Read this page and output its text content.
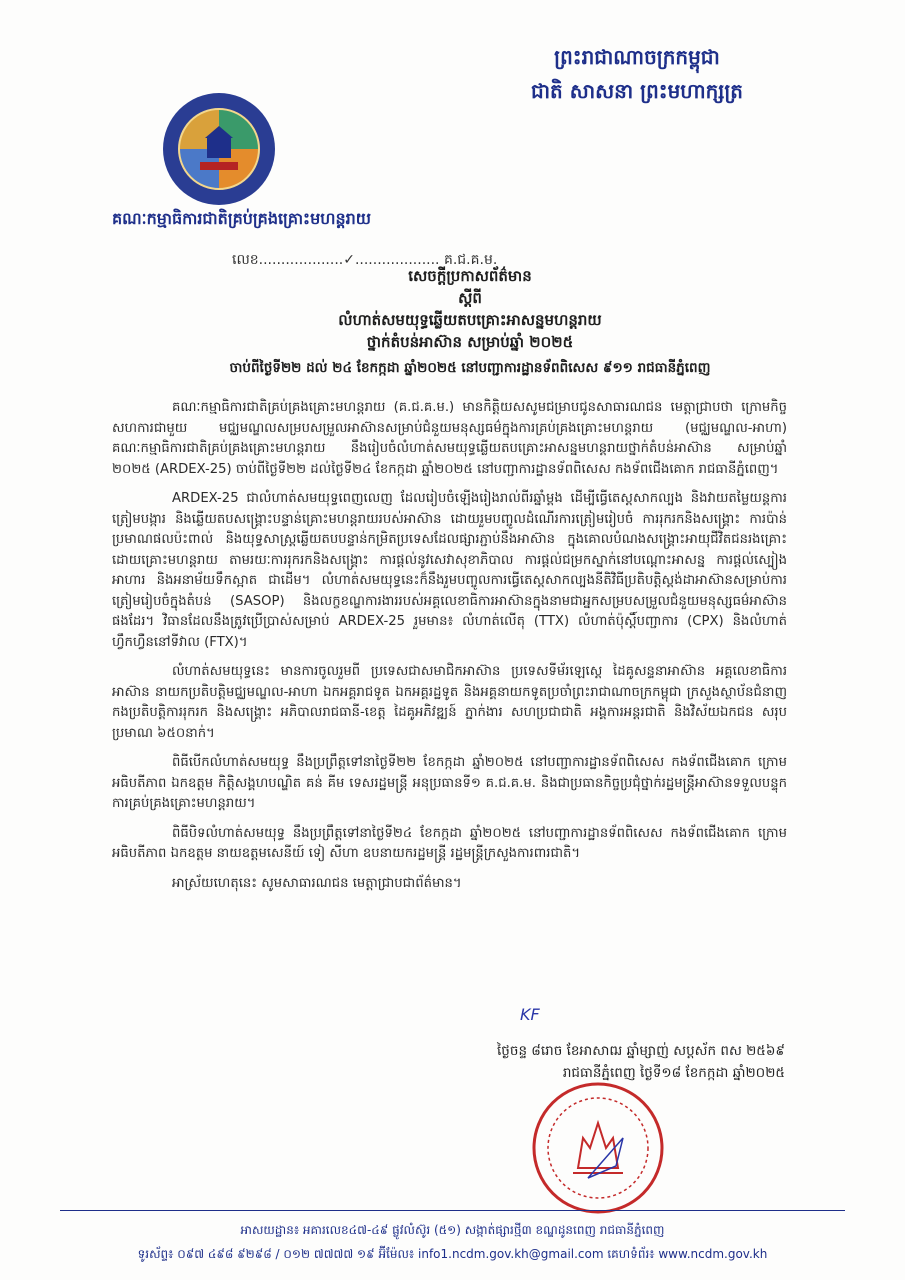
ព្រះរាជាណាចក្រកម្ពុជា
ជាតិ សាសនា ព្រះមហាក្សត្រ
គណៈកម្មាធិការជាតិគ្រប់គ្រងគ្រោះមហន្តរាយ
លេខ...................✓................... គ.ជ.គ.ម.
សេចក្តីប្រកាសព័ត៌មាន
ស្តីពី
លំហាត់សមយុទ្ធឆ្លើយតបគ្រោះអាសន្នមហន្តរាយ
ថ្នាក់តំបន់អាស៊ាន សម្រាប់ឆ្នាំ ២០២៥
ចាប់ពីថ្ងៃទី២២ ដល់ ២៤ ខែកក្កដា ឆ្នាំ២០២៥ នៅបញ្ជាការដ្ឋានទ័ពពិសេស ៩១១ រាជធានីភ្នំពេញ

គណៈកម្មាធិការជាតិគ្រប់គ្រងគ្រោះមហន្តរាយ (គ.ជ.គ.ម.) មានកិត្តិយសសូមជម្រាបជូនសាធារណជន មេត្តាជ្រាបថា ក្រោមកិច្ចសហការជាមួយ មជ្ឈមណ្ឌលសម្របសម្រួលអាស៊ានសម្រាប់ជំនួយមនុស្សធម៌ក្នុងការគ្រប់គ្រងគ្រោះមហន្តរាយ (មជ្ឈមណ្ឌល-អាហា) គណៈកម្មាធិការជាតិគ្រប់គ្រងគ្រោះមហន្តរាយ នឹងរៀបចំលំហាត់សមយុទ្ធឆ្លើយតបគ្រោះអាសន្នមហន្តរាយថ្នាក់តំបន់អាស៊ាន សម្រាប់ឆ្នាំ ២០២៥ (ARDEX-25) ចាប់ពីថ្ងៃទី២២ ដល់ថ្ងៃទី២៤ ខែកក្កដា ឆ្នាំ២០២៥ នៅបញ្ជាការដ្ឋានទ័ពពិសេស កងទ័ពជើងគោក រាជធានីភ្នំពេញ។

ARDEX-25 ជាលំហាត់សមយុទ្ធពេញលេញ ដែលរៀបចំឡើងរៀងរាល់ពីរឆ្នាំម្តង ដើម្បីធ្វើតេស្តសាកល្បង និងវាយតម្លៃយន្តការត្រៀមបង្ការ និងឆ្លើយតបសង្គ្រោះបន្ទាន់គ្រោះមហន្តរាយរបស់អាស៊ាន ដោយរួមបញ្ចូលដំណើរការត្រៀមរៀបចំ ការរុករកនិងសង្គ្រោះ ការប៉ាន់ប្រមាណផលប៉ះពាល់ និងយុទ្ធសាស្ត្រឆ្លើយតបបន្ទាន់កម្រិតប្រទេសដែលផ្សារភ្ជាប់នឹងអាស៊ាន ក្នុងគោលបំណងសង្គ្រោះអាយុជីវិតជនរងគ្រោះដោយគ្រោះមហន្តរាយ តាមរយៈការរុករកនិងសង្គ្រោះ ការផ្តល់នូវសេវាសុខាភិបាល ការផ្តល់ជម្រកស្នាក់នៅបណ្តោះអាសន្ន ការផ្តល់ស្បៀងអាហារ និងអនាម័យទឹកស្អាត ជាដើម។ លំហាត់សមយុទ្ធនេះក៏នឹងរួមបញ្ចូលការធ្វើតេស្តសាកល្បងនីតិវិធីប្រតិបត្តិស្តង់ដាអាស៊ានសម្រាប់ការត្រៀមរៀបចំក្នុងតំបន់ (SASOP) និងលក្ខខណ្ឌការងាររបស់អគ្គលេខាធិការអាស៊ានក្នុងនាមជាអ្នកសម្របសម្រួលជំនួយមនុស្សធម៌អាស៊ានផងដែរ។ វិធានដែលនឹងត្រូវប្រើប្រាស់សម្រាប់ ARDEX-25 រួមមាន៖ លំហាត់លើតុ (TTX) លំហាត់ប៉ុស្តិ៍បញ្ជាការ (CPX) និងលំហាត់ហ្វឹកហ្វឺននៅទីវាល (FTX)។

លំហាត់សមយុទ្ធនេះ មានការចូលរួមពី ប្រទេសជាសមាជិកអាស៊ាន ប្រទេសទីម័រឡេស្តេ ដៃគូសន្ទនាអាស៊ាន អគ្គលេខាធិការអាស៊ាន នាយកប្រតិបត្តិមជ្ឈមណ្ឌល-អាហា ឯកអគ្គរាជទូត ឯកអគ្គរដ្ឋទូត និងអគ្គនាយកទូតប្រចាំព្រះរាជាណាចក្រកម្ពុជា ក្រសួងស្ថាប័នជំនាញ កងប្រតិបត្តិការរុករក និងសង្គ្រោះ អភិបាលរាជធានី-ខេត្ត ដៃគូអភិវឌ្ឍន៍ ភ្នាក់ងារ សហប្រជាជាតិ អង្គការអន្តរជាតិ និងវិស័យឯកជន សរុបប្រមាណ ៦៥០នាក់។

ពិធីបើកលំហាត់សមយុទ្ធ នឹងប្រព្រឹត្តទៅនាថ្ងៃទី២២ ខែកក្កដា ឆ្នាំ២០២៥ នៅបញ្ជាការដ្ឋានទ័ពពិសេស កងទ័ពជើងគោក ក្រោមអធិបតីភាព ឯកឧត្តម កិត្តិសង្គហបណ្ឌិត គន់ គីម ទេសរដ្ឋមន្ត្រី អនុប្រធានទី១ គ.ជ.គ.ម. និងជាប្រធានកិច្ចប្រជុំថ្នាក់រដ្ឋមន្ត្រីអាស៊ានទទួលបន្ទុកការគ្រប់គ្រងគ្រោះមហន្តរាយ។

ពិធីបិទលំហាត់សមយុទ្ធ នឹងប្រព្រឹត្តទៅនាថ្ងៃទី២៤ ខែកក្កដា ឆ្នាំ២០២៥ នៅបញ្ជាការដ្ឋានទ័ពពិសេស កងទ័ពជើងគោក ក្រោមអធិបតីភាព ឯកឧត្តម នាយឧត្តមសេនីយ៍ ទៀ សីហា ឧបនាយករដ្ឋមន្ត្រី រដ្ឋមន្ត្រីក្រសួងការពារជាតិ។

អាស្រ័យហេតុនេះ សូមសាធារណជន មេត្តាជ្រាបជាព័ត៌មាន។

KF
ថ្ងៃចន្ទ ៨រោច ខែអាសាឍ ឆ្នាំម្សាញ់ សប្តស័ក ពស ២៥៦៩
រាជធានីភ្នំពេញ ថ្ងៃទី១៨ ខែកក្កដា ឆ្នាំ២០២៥
អាសយដ្ឋាន៖ អគារលេខ៤៧-៤៩ ផ្លូវលំស៊ូរ (៥១) សង្កាត់ផ្សារថ្មី៣ ខណ្ឌដូនពេញ រាជធានីភ្នំពេញ
ទូរស័ព្ទ៖ ០៩៧ ៤៩៨ ៩២៩៨ / ០១២ ៧៧៧៧ ១៩ អ៊ីម៉ែល៖ info1.ncdm.gov.kh@gmail.com គេហទំព័រ៖ www.ncdm.gov.kh
